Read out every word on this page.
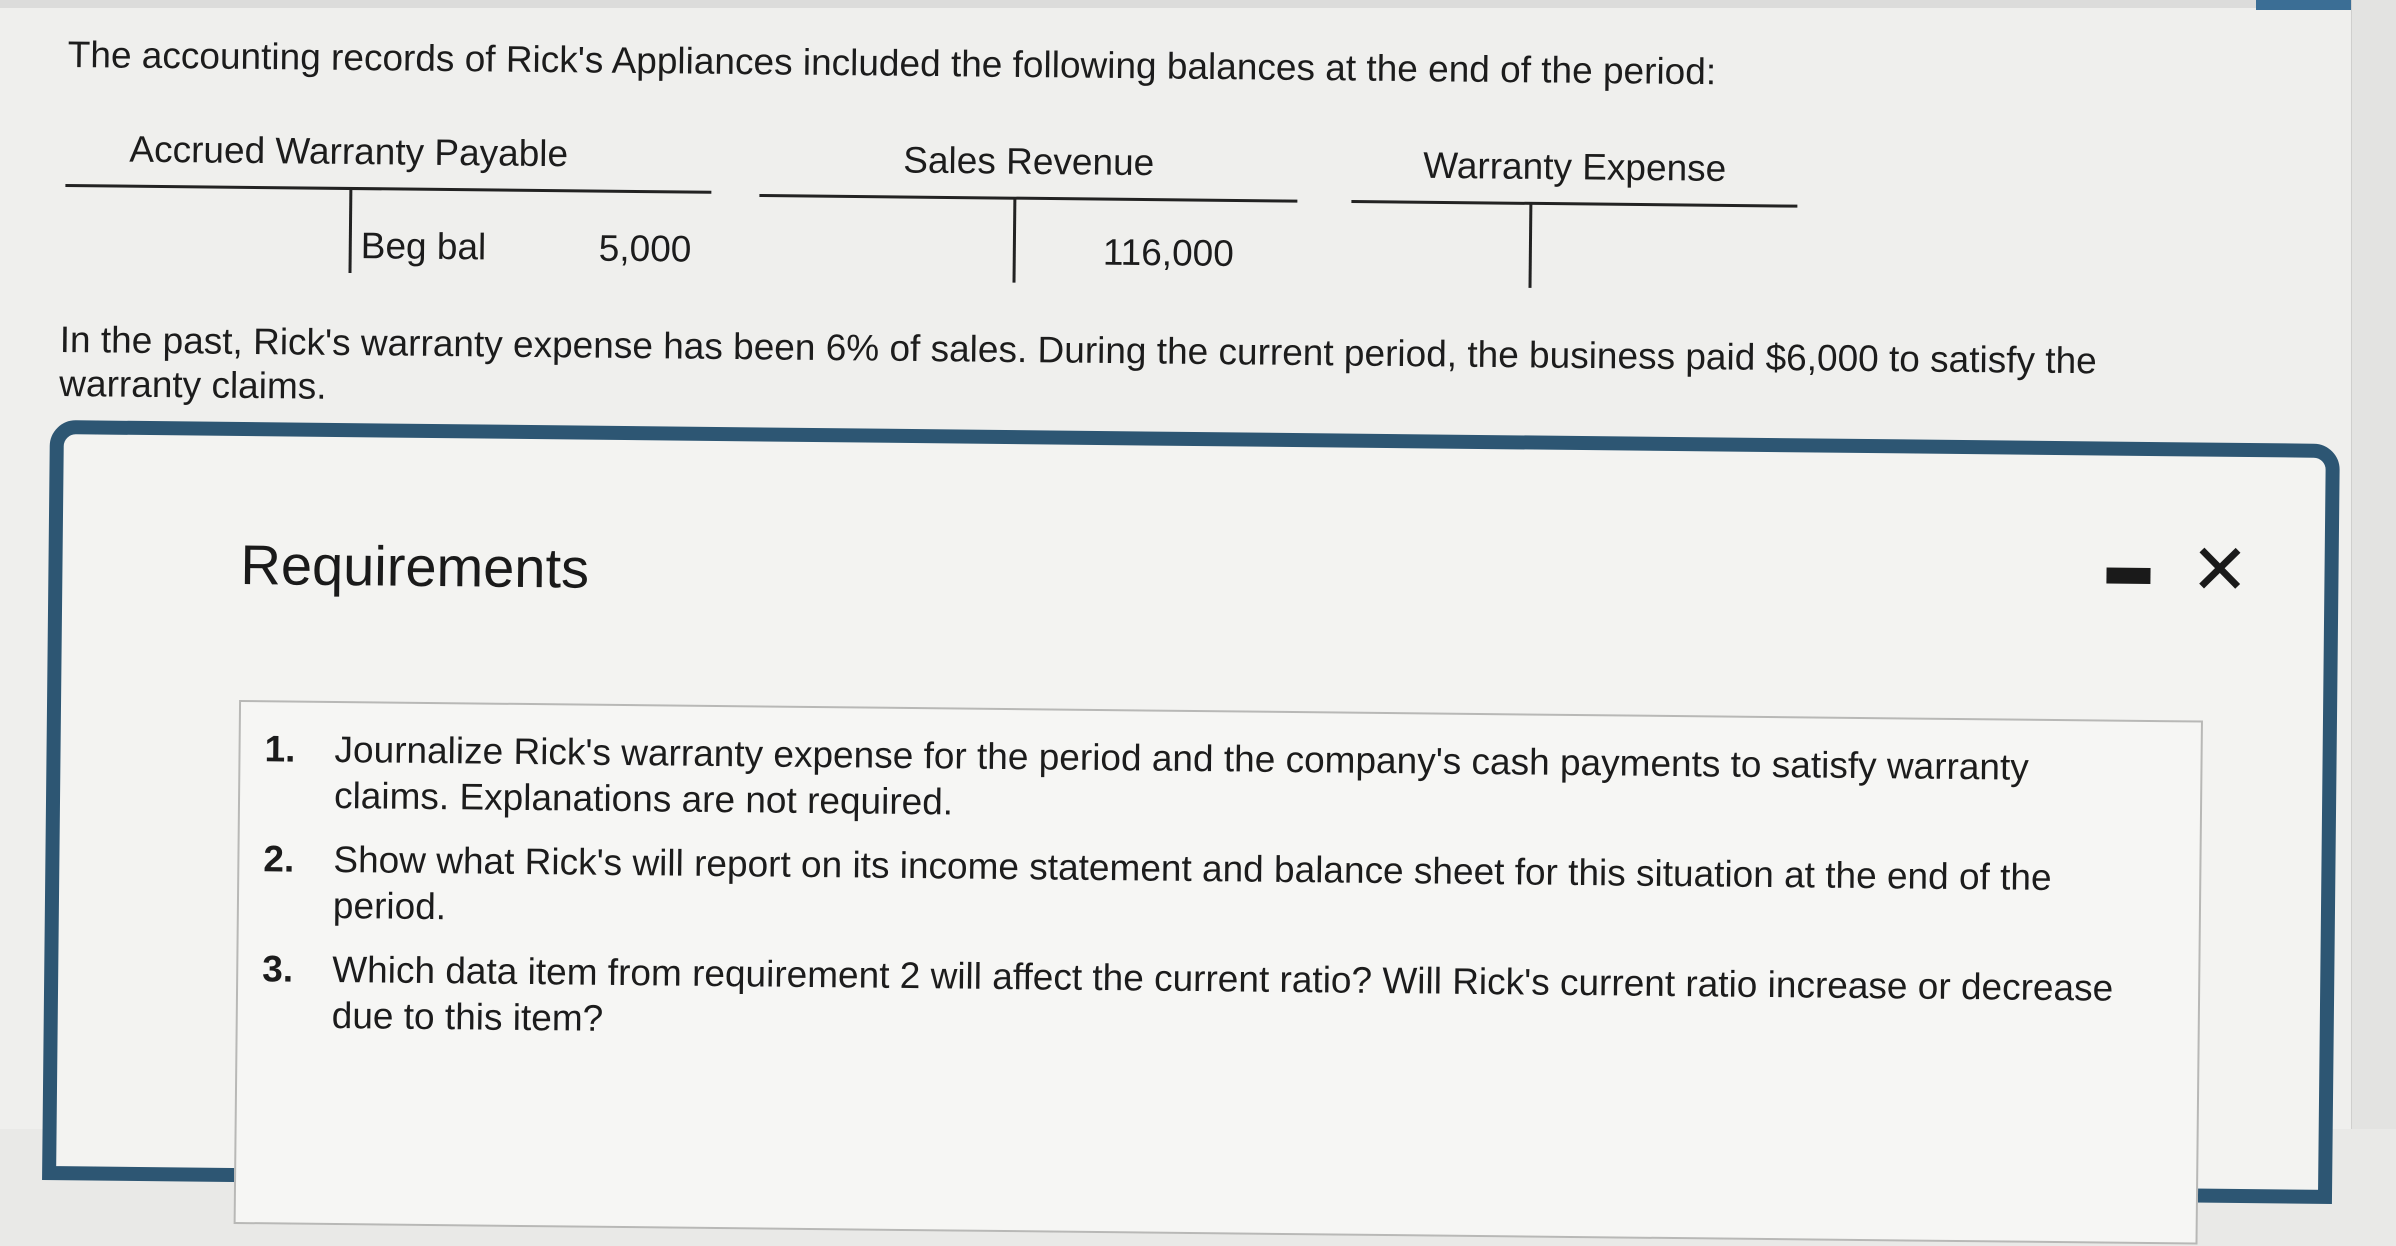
The accounting records of Rick's Appliances included the following balances at the end of the period:
Accrued Warranty Payable
Beg bal	5,000
Sales Revenue
116,000
Warranty Expense
In the past, Rick's warranty expense has been 6% of sales. During the current period, the business paid $6,000 to satisfy the warranty claims.
Requirements	✕
1. Journalize Rick's warranty expense for the period and the company's cash payments to satisfy warranty claims. Explanations are not required.
2. Show what Rick's will report on its income statement and balance sheet for this situation at the end of the period.
3. Which data item from requirement 2 will affect the current ratio? Will Rick's current ratio increase or decrease due to this item?
